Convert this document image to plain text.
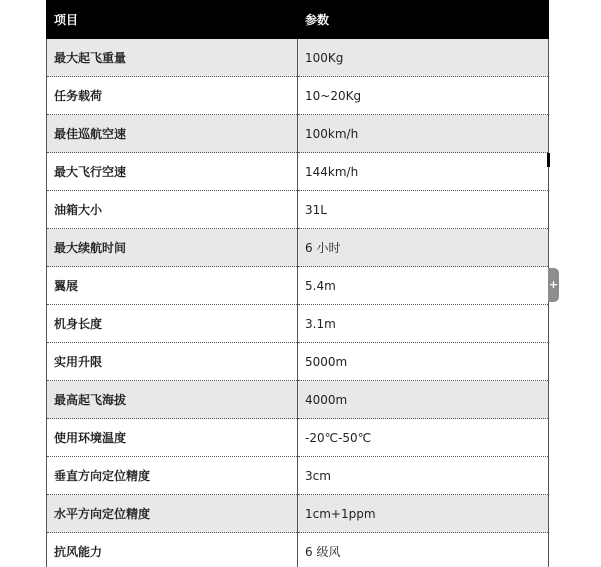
项目	参数
最大起飞重量	100Kg
任务载荷	10~20Kg
最佳巡航空速	100km/h
最大飞行空速	144km/h
油箱大小	31L
最大续航时间	6 小时
翼展	5.4m
机身长度	3.1m
实用升限	5000m
最高起飞海拔	4000m
使用环境温度	-20℃-50℃
垂直方向定位精度	3cm
水平方向定位精度	1cm+1ppm
抗风能力	6 级风
+
